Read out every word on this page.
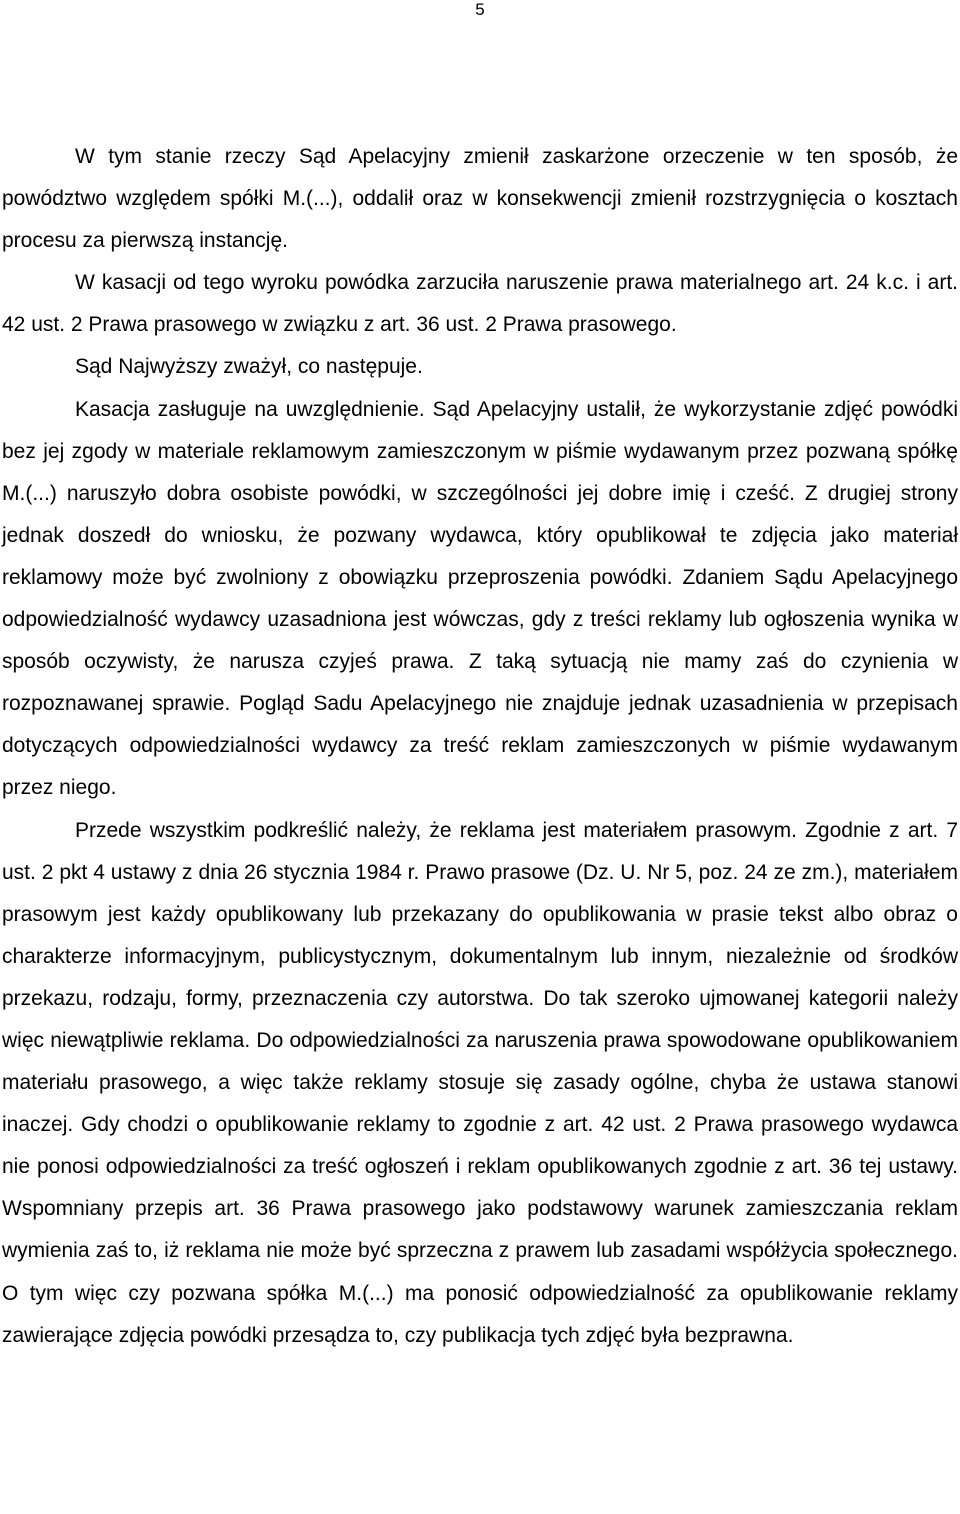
5

W tym stanie rzeczy Sąd Apelacyjny zmienił zaskarżone orzeczenie w ten sposób, że powództwo względem spółki M.(...), oddalił oraz w konsekwencji zmienił rozstrzygnięcia o kosztach procesu za pierwszą instancję.

W kasacji od tego wyroku powódka zarzuciła naruszenie prawa materialnego art. 24 k.c. i art. 42 ust. 2 Prawa prasowego w związku z art. 36 ust. 2 Prawa prasowego.

Sąd Najwyższy zważył, co następuje.

Kasacja zasługuje na uwzględnienie. Sąd Apelacyjny ustalił, że wykorzystanie zdjęć powódki bez jej zgody w materiale reklamowym zamieszczonym w piśmie wydawanym przez pozwaną spółkę M.(...) naruszyło dobra osobiste powódki, w szczególności jej dobre imię i cześć. Z drugiej strony jednak doszedł do wniosku, że pozwany wydawca, który opublikował te zdjęcia jako materiał reklamowy może być zwolniony z obowiązku przeproszenia powódki. Zdaniem Sądu Apelacyjnego odpowiedzialność wydawcy uzasadniona jest wówczas, gdy z treści reklamy lub ogłoszenia wynika w sposób oczywisty, że narusza czyjeś prawa. Z taką sytuacją nie mamy zaś do czynienia w rozpoznawanej sprawie. Pogląd Sadu Apelacyjnego nie znajduje jednak uzasadnienia w przepisach dotyczących odpowiedzialności wydawcy za treść reklam zamieszczonych w piśmie wydawanym przez niego.

Przede wszystkim podkreślić należy, że reklama jest materiałem prasowym. Zgodnie z art. 7 ust. 2 pkt 4 ustawy z dnia 26 stycznia 1984 r. Prawo prasowe (Dz. U. Nr 5, poz. 24 ze zm.), materiałem prasowym jest każdy opublikowany lub przekazany do opublikowania w prasie tekst albo obraz o charakterze informacyjnym, publicystycznym, dokumentalnym lub innym, niezależnie od środków przekazu, rodzaju, formy, przeznaczenia czy autorstwa. Do tak szeroko ujmowanej kategorii należy więc niewątpliwie reklama. Do odpowiedzialności za naruszenia prawa spowodowane opublikowaniem materiału prasowego, a więc także reklamy stosuje się zasady ogólne, chyba że ustawa stanowi inaczej. Gdy chodzi o opublikowanie reklamy to zgodnie z art. 42 ust. 2 Prawa prasowego wydawca nie ponosi odpowiedzialności za treść ogłoszeń i reklam opublikowanych zgodnie z art. 36 tej ustawy. Wspomniany przepis art. 36 Prawa prasowego jako podstawowy warunek zamieszczania reklam wymienia zaś to, iż reklama nie może być sprzeczna z prawem lub zasadami współżycia społecznego. O tym więc czy pozwana spółka M.(...) ma ponosić odpowiedzialność za opublikowanie reklamy zawierające zdjęcia powódki przesądza to, czy publikacja tych zdjęć była bezprawna.
